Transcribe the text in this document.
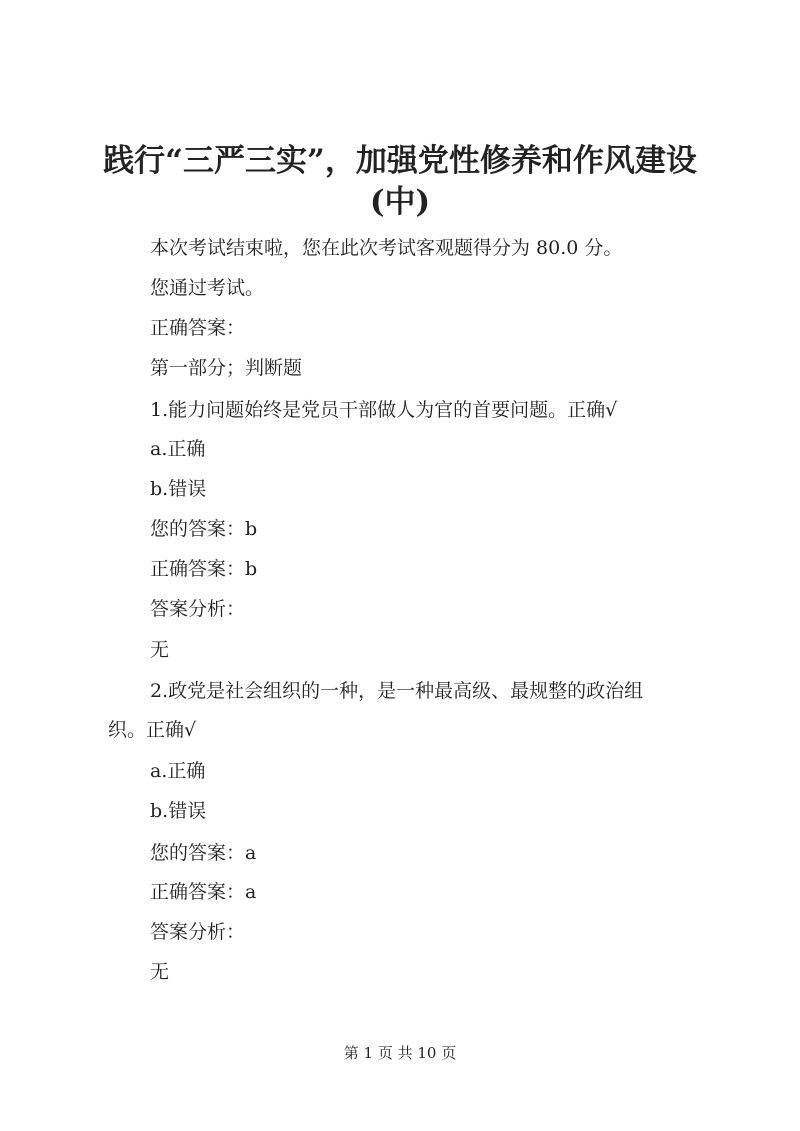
践行“三严三实”，加强党性修养和作风建设
(中)

本次考试结束啦，您在此次考试客观题得分为 80.0 分。

您通过考试。

正确答案：

第一部分；判断题

1.能力问题始终是党员干部做人为官的首要问题。正确√

a.正确

b.错误

您的答案：b

正确答案：b

答案分析：

无

2.政党是社会组织的一种，是一种最高级、最规整的政治组

织。正确√

a.正确

b.错误

您的答案：a

正确答案：a

答案分析：

无

第 1 页 共 10 页
